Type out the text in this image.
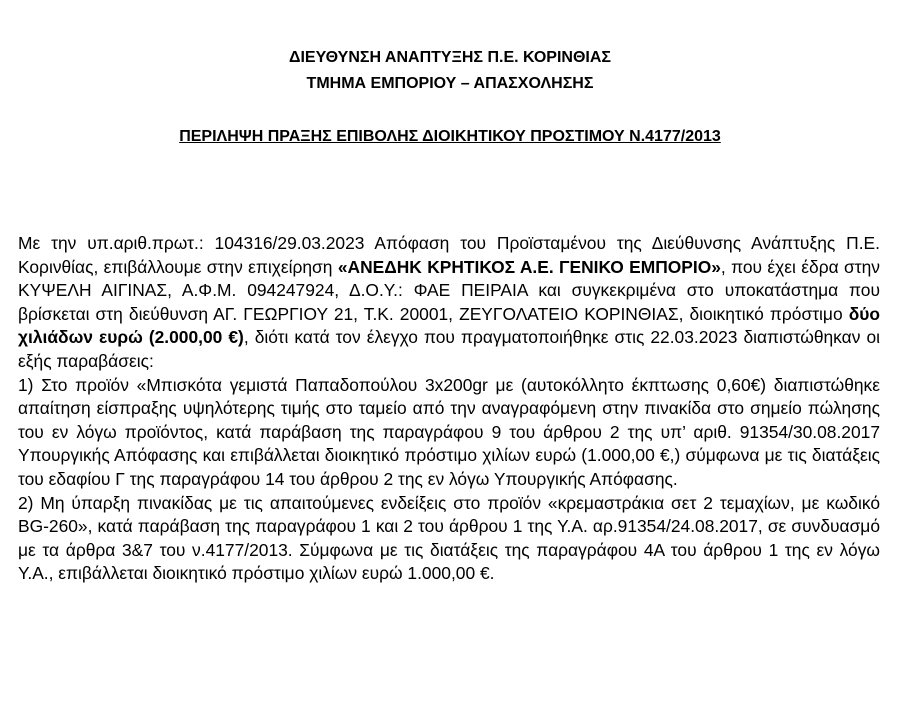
ΔΙΕΥΘΥΝΣΗ ΑΝΑΠΤΥΞΗΣ Π.Ε. ΚΟΡΙΝΘΙΑΣ
ΤΜΗΜΑ ΕΜΠΟΡΙΟΥ – ΑΠΑΣΧΟΛΗΣΗΣ
ΠΕΡΙΛΗΨΗ ΠΡΑΞΗΣ ΕΠΙΒΟΛΗΣ ΔΙΟΙΚΗΤΙΚΟΥ ΠΡΟΣΤΙΜΟΥ Ν.4177/2013

Με την υπ.αριθ.πρωτ.: 104316/29.03.2023 Απόφαση του Προϊσταμένου της Διεύθυνσης Ανάπτυξης Π.Ε. Κορινθίας, επιβάλλουμε στην επιχείρηση «ΑΝΕΔΗΚ ΚΡΗΤΙΚΟΣ Α.Ε. ΓΕΝΙΚΟ ΕΜΠΟΡΙΟ», που έχει έδρα στην ΚΥΨΕΛΗ ΑΙΓΙΝΑΣ, Α.Φ.Μ. 094247924, Δ.Ο.Υ.: ΦΑΕ ΠΕΙΡΑΙΑ και συγκεκριμένα στο υποκατάστημα που βρίσκεται στη διεύθυνση ΑΓ. ΓΕΩΡΓΙΟΥ 21, Τ.Κ. 20001, ΖΕΥΓΟΛΑΤΕΙΟ ΚΟΡΙΝΘΙΑΣ, διοικητικό πρόστιμο δύο χιλιάδων ευρώ (2.000,00 €), διότι κατά τον έλεγχο που πραγματοποιήθηκε στις 22.03.2023 διαπιστώθηκαν οι εξής παραβάσεις:

1) Στο προϊόν «Μπισκότα γεμιστά Παπαδοπούλου 3x200gr με (αυτοκόλλητο έκπτωσης 0,60€) διαπιστώθηκε απαίτηση είσπραξης υψηλότερης τιμής στο ταμείο από την αναγραφόμενη στην πινακίδα στο σημείο πώλησης του εν λόγω προϊόντος, κατά παράβαση της παραγράφου 9 του άρθρου 2 της υπ’ αριθ. 91354/30.08.2017 Υπουργικής Απόφασης και επιβάλλεται διοικητικό πρόστιμο χιλίων ευρώ (1.000,00 €,) σύμφωνα με τις διατάξεις του εδαφίου Γ της παραγράφου 14 του άρθρου 2 της εν λόγω Υπουργικής Απόφασης.

2) Μη ύπαρξη πινακίδας με τις απαιτούμενες ενδείξεις στο προϊόν «κρεμαστράκια σετ 2 τεμαχίων, με κωδικό BG-260», κατά παράβαση της παραγράφου 1 και 2 του άρθρου 1 της Υ.Α. αρ.91354/24.08.2017, σε συνδυασμό με τα άρθρα 3&7 του ν.4177/2013. Σύμφωνα με τις διατάξεις της παραγράφου 4Α του άρθρου 1 της εν λόγω Υ.Α., επιβάλλεται διοικητικό πρόστιμο χιλίων ευρώ 1.000,00 €.
